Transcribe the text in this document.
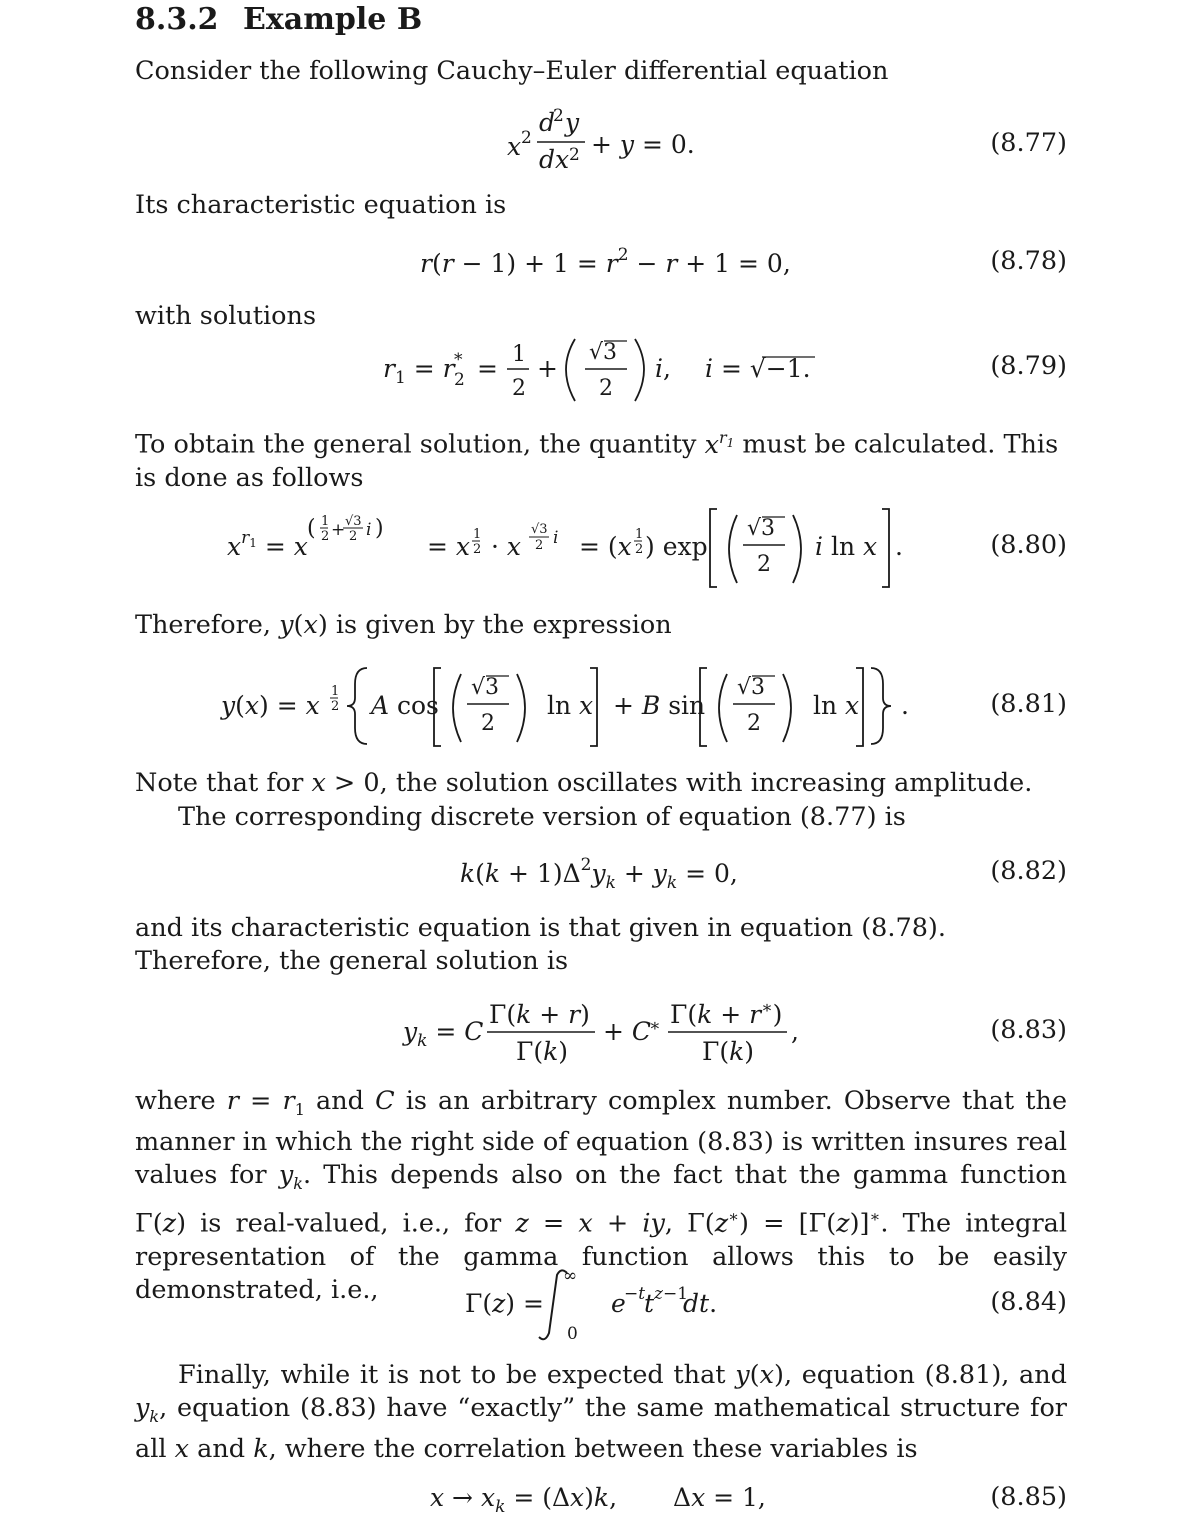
8.3.2 Example B
Consider the following Cauchy–Euler differential equation
x 2
d
2 y
dx 2 + y = 0.	(8.77)
Its characteristic equation is
$r(r - 1) + 1 = r^2 - r + 1 = 0$,	(8.78)
with solutions
$r_1 = r$ *
2 = 1
2
+
√3
2
i, i = √−1.	(8.79)
To obtain the general solution, the quantity $x^{r_1}$ must be calculated. This is done as follows
$x^r1 = x$
( 1
2 + √3
2 i )
= x 1
2 · x
√3
2 i = (x 1
2 ) exp
√3
2
i ln x .	(8.80)
Therefore, y(x) is given by the expression
y(x) = x 1
2 A cos
√3
2
ln x + B sin
√3
2
ln x .	(8.81)
Note that for x > 0, the solution oscillates with increasing amplitude.
The corresponding discrete version of equation (8.77) is
$k(k + 1)\Delta^2y_k + y_k = 0$,	(8.82)
and its characteristic equation is that given in equation (8.78). Therefore, the general solution is
$y_k = C$
Γ(k + r)
Γ(k)
+ C
∗ Γ(k + r∗)
Γ(k)
,	(8.83)
where $r = r_1$ and C is an arbitrary complex number. Observe that the manner in which the right side of equation (8.83) is written insures real values for $y_k$. This depends also on the fact that the gamma function Γ(z) is real-valued, i.e., for z = x + iy, Γ(z∗) = [Γ(z)]∗. The integral representation of the gamma function allows this to be easily demonstrated, i.e.,	Γ(z) =
∞
0
e
−t
t z−1
dt.	(8.84)
Finally, while it is not to be expected that y(x), equation (8.81), and $y_k$, equation (8.83) have “exactly” the same mathematical structure for all x and k, where the correlation between these variables is
$x \to x_k = (\Delta x)k$, Δx = 1,	(8.85)
